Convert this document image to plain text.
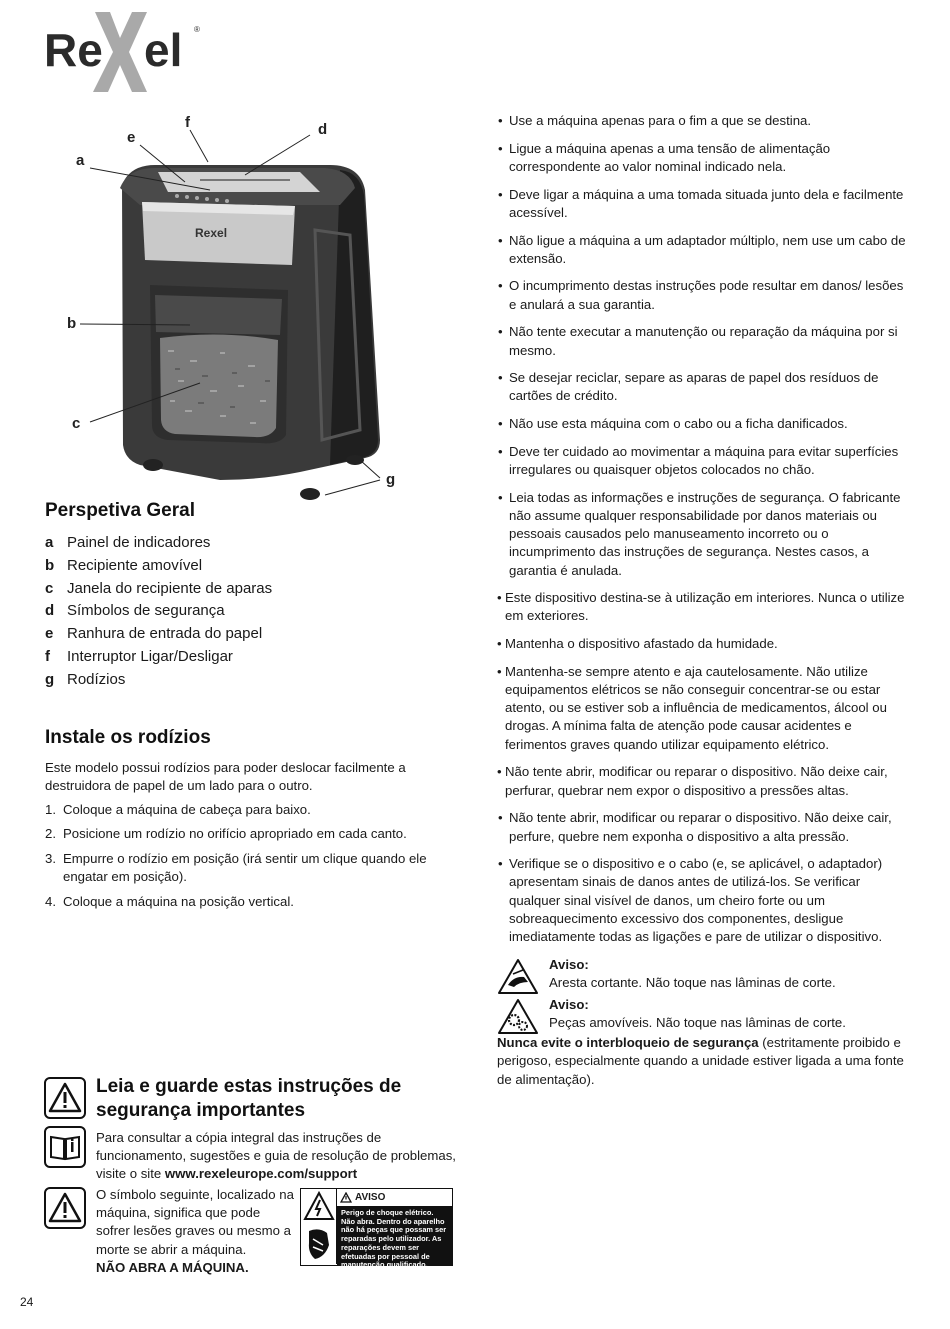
Re el ®
Rexel
a
b
c
d
e
f
g
Perspetiva Geral
a Painel de indicadores
b Recipiente amovível
c Janela do recipiente de aparas
d Símbolos de segurança
e Ranhura de entrada do papel
f	Interruptor Ligar/Desligar
g Rodízios
Instale os rodízios

Este modelo possui rodízios para poder deslocar facilmente a destruidora de papel de um lado para o outro.

1. Coloque a máquina de cabeça para baixo.
2. Posicione um rodízio no orifício apropriado em cada canto.
3. Empurre o rodízio em posição (irá sentir um clique quando ele engatar em posição).
4. Coloque a máquina na posição vertical.
Leia e guarde estas instruções de segurança importantes

Para consultar a cópia integral das instruções de funcionamento, sugestões e guia de resolução de problemas, visite o site www.rexeleurope.com/support

O símbolo seguinte, localizado na máquina, significa que pode sofrer lesões graves ou mesmo a morte se abrir a máquina.
NÃO ABRA A MÁQUINA.

AVISO
Perigo de choque elétrico. Não abra. Dentro do aparelho não há peças que possam ser reparadas pelo utilizador. As reparações devem ser efetuadas por pessoal de manutenção qualificado.
24
• Use a máquina apenas para o fim a que se destina.
• Ligue a máquina apenas a uma tensão de alimentação correspondente ao valor nominal indicado nela.
• Deve ligar a máquina a uma tomada situada junto dela e facilmente acessível.
• Não ligue a máquina a um adaptador múltiplo, nem use um cabo de extensão.
• O incumprimento destas instruções pode resultar em danos/ lesões e anulará a sua garantia.
• Não tente executar a manutenção ou reparação da máquina por si mesmo.
• Se desejar reciclar, separe as aparas de papel dos resíduos de cartões de crédito.
• Não use esta máquina com o cabo ou a ficha danificados.
• Deve ter cuidado ao movimentar a máquina para evitar superfícies irregulares ou quaisquer objetos colocados no chão.
• Leia todas as informações e instruções de segurança. O fabricante não assume qualquer responsabilidade por danos materiais ou pessoais causados pelo manuseamento incorreto ou o incumprimento das instruções de segurança. Nestes casos, a garantia é anulada.
• Este dispositivo destina-se à utilização em interiores. Nunca o utilize em exteriores.
• Mantenha o dispositivo afastado da humidade.
• Mantenha-se sempre atento e aja cautelosamente. Não utilize equipamentos elétricos se não conseguir concentrar-se ou estar atento, ou se estiver sob a influência de medicamentos, álcool ou drogas. A mínima falta de atenção pode causar acidentes e ferimentos graves quando utilizar equipamento elétrico.
• Não tente abrir, modificar ou reparar o dispositivo. Não deixe cair, perfurar, quebrar nem expor o dispositivo a pressões altas.
• Não tente abrir, modificar ou reparar o dispositivo. Não deixe cair, perfure, quebre nem exponha o dispositivo a alta pressão.
• Verifique se o dispositivo e o cabo (e, se aplicável, o adaptador) apresentam sinais de danos antes de utilizá-los. Se verificar qualquer sinal visível de danos, um cheiro forte ou um sobreaquecimento excessivo dos componentes, desligue imediatamente todas as ligações e pare de utilizar o dispositivo.
Aviso:
Aresta cortante. Não toque nas lâminas de corte.
Aviso:
Peças amovíveis. Não toque nas lâminas de corte.

Nunca evite o interbloqueio de segurança (estritamente proibido e perigoso, especialmente quando a unidade estiver ligada a uma fonte de alimentação).
